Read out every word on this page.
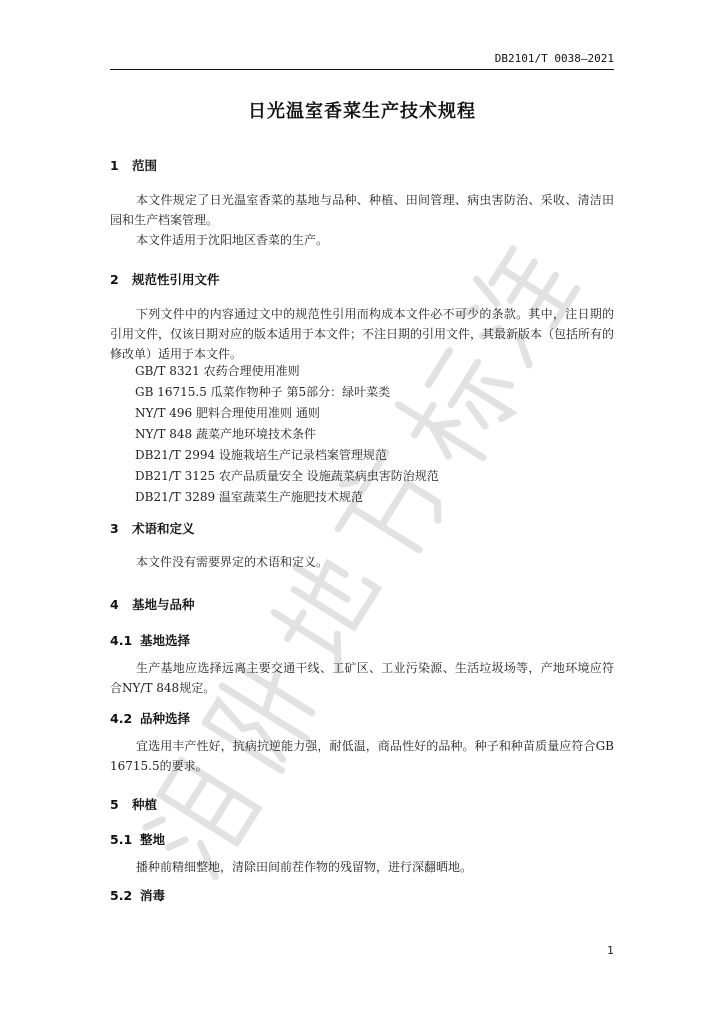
DB2101/T 0038—2021
日光温室香菜生产技术规程
1 范围
本文件规定了日光温室香菜的基地与品种、种植、田间管理、病虫害防治、采收、清洁田园和生产档案管理。
本文件适用于沈阳地区香菜的生产。
2 规范性引用文件
下列文件中的内容通过文中的规范性引用而构成本文件必不可少的条款。其中，注日期的引用文件，仅该日期对应的版本适用于本文件；不注日期的引用文件，其最新版本（包括所有的修改单）适用于本文件。
GB/T 8321 农药合理使用准则
GB 16715.5 瓜菜作物种子 第5部分：绿叶菜类
NY/T 496 肥料合理使用准则 通则
NY/T 848 蔬菜产地环境技术条件
DB21/T 2994 设施栽培生产记录档案管理规范
DB21/T 3125 农产品质量安全 设施蔬菜病虫害防治规范
DB21/T 3289 温室蔬菜生产施肥技术规范
3 术语和定义
本文件没有需要界定的术语和定义。
4 基地与品种
4.1 基地选择
生产基地应选择远离主要交通干线、工矿区、工业污染源、生活垃圾场等，产地环境应符合NY/T 848规定。
4.2 品种选择
宜选用丰产性好，抗病抗逆能力强，耐低温，商品性好的品种。种子和种苗质量应符合GB 16715.5的要求。
5 种植
5.1 整地
播种前精细整地，清除田间前茬作物的残留物，进行深翻晒地。
5.2 消毒
1
